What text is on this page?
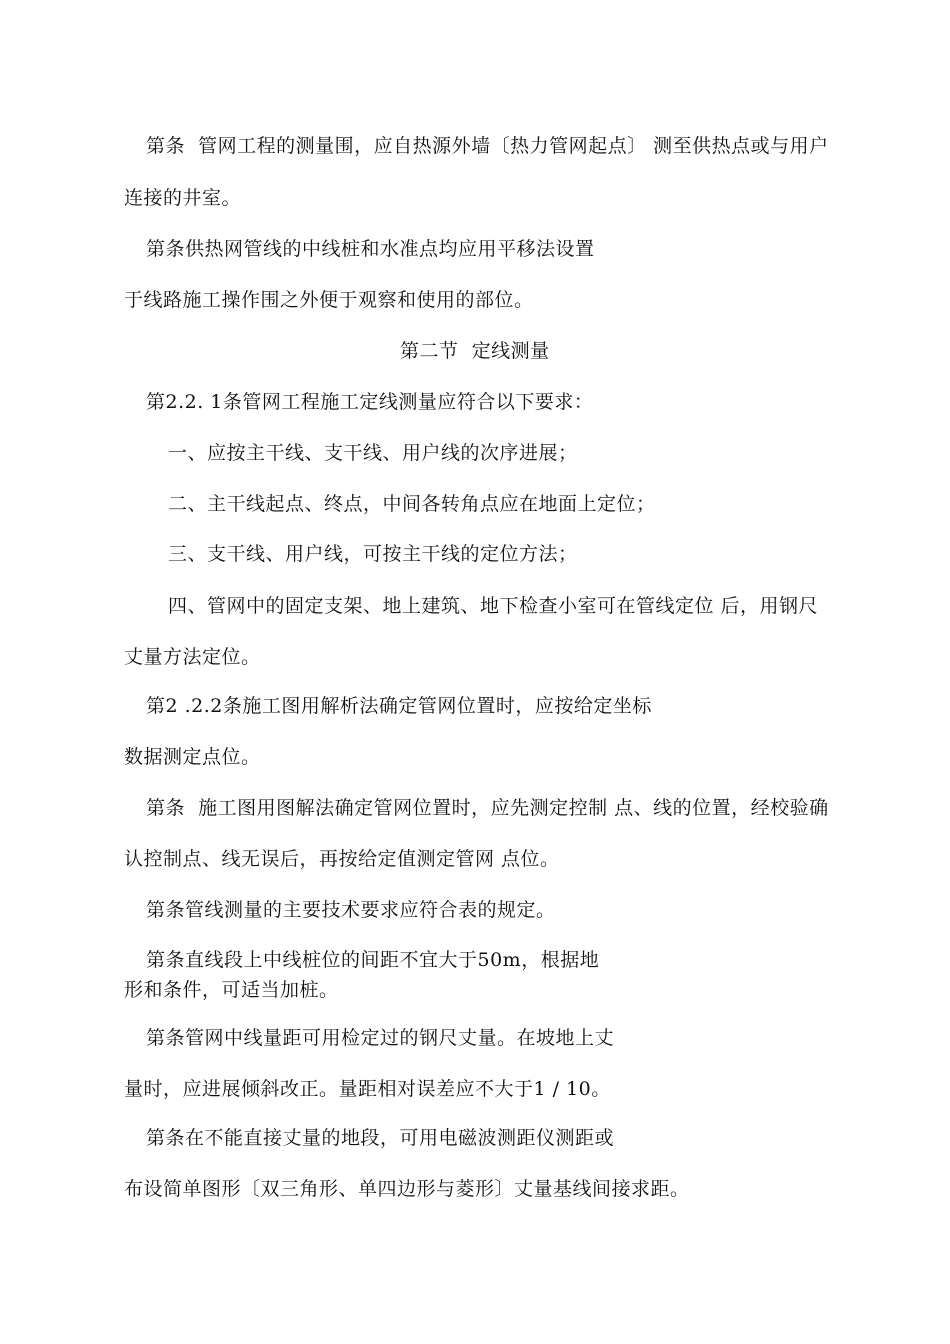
第条  管网工程的测量围，应自热源外墙〔热力管网起点〕 测至供热点或与用户
连接的井室。
第条供热网管线的中线桩和水准点均应用平移法设置
于线路施工操作围之外便于观察和使用的部位。
第二节  定线测量
第2.2. 1条管网工程施工定线测量应符合以下要求：
一、应按主干线、支干线、用户线的次序进展；
二、主干线起点、终点，中间各转角点应在地面上定位；
三、支干线、用户线，可按主干线的定位方法；
四、管网中的固定支架、地上建筑、地下检查小室可在管线定位 后，用钢尺
丈量方法定位。
第2 .2.2条施工图用解析法确定管网位置时，应按给定坐标
数据测定点位。
第条  施工图用图解法确定管网位置时，应先测定控制 点、线的位置，经校验确
认控制点、线无误后，再按给定值测定管网 点位。
第条管线测量的主要技术要求应符合表的规定。
第条直线段上中线桩位的间距不宜大于50m，根据地
形和条件，可适当加桩。
第条管网中线量距可用检定过的钢尺丈量。在坡地上丈
量时，应进展倾斜改正。量距相对误差应不大于1 / 10。
第条在不能直接丈量的地段，可用电磁波测距仪测距或
布设简单图形〔双三角形、单四边形与菱形〕丈量基线间接求距。
